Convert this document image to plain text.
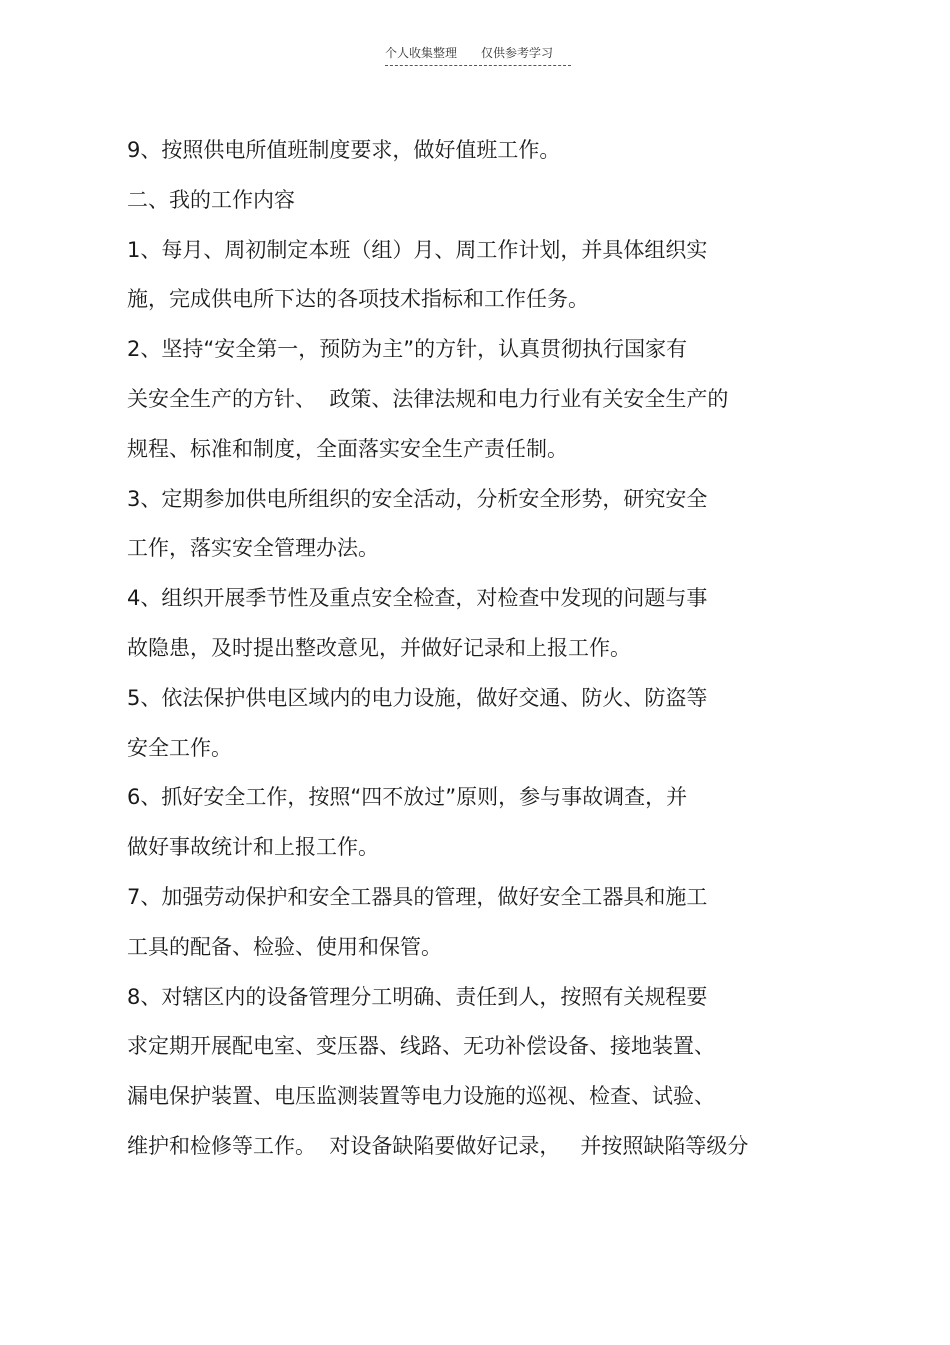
个人收集整理 仅供参考学习
9、按照供电所值班制度要求，做好值班工作。
二、我的工作内容
1、每月、周初制定本班（组）月、周工作计划，并具体组织实
施，完成供电所下达的各项技术指标和工作任务。
2、坚持“安全第一，预防为主”的方针，认真贯彻执行国家有
关安全生产的方针、  政策、法律法规和电力行业有关安全生产的
规程、标准和制度，全面落实安全生产责任制。
3、定期参加供电所组织的安全活动，分析安全形势，研究安全
工作，落实安全管理办法。
4、组织开展季节性及重点安全检查，对检查中发现的问题与事
故隐患，及时提出整改意见，并做好记录和上报工作。
5、依法保护供电区域内的电力设施，做好交通、防火、防盗等
安全工作。
6、抓好安全工作，按照“四不放过”原则，参与事故调查，并
做好事故统计和上报工作。
7、加强劳动保护和安全工器具的管理，做好安全工器具和施工
工具的配备、检验、使用和保管。
8、对辖区内的设备管理分工明确、责任到人，按照有关规程要
求定期开展配电室、变压器、线路、无功补偿设备、接地装置、
漏电保护装置、电压监测装置等电力设施的巡视、检查、试验、
维护和检修等工作。  对设备缺陷要做好记录，   并按照缺陷等级分
